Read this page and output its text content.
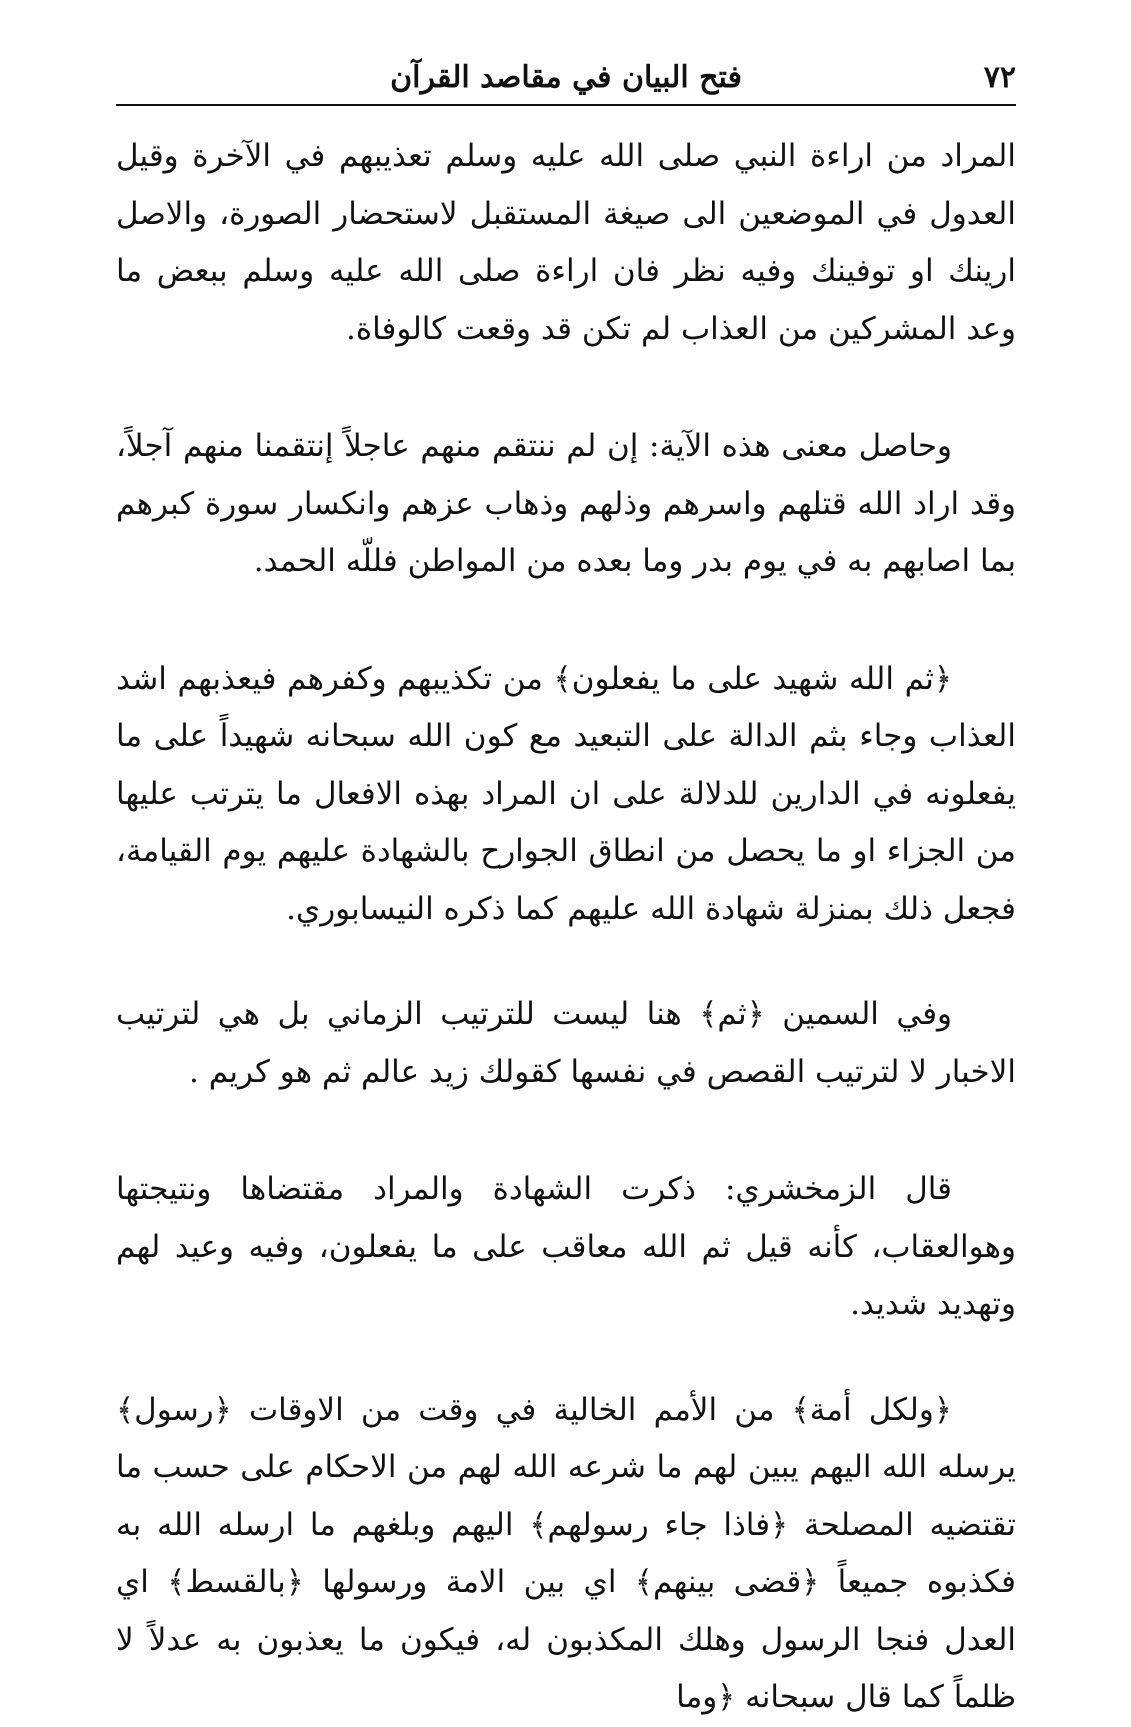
٧٢
فتح البيان في مقاصد القرآن

المراد من اراءة النبي صلى الله عليه وسلم تعذيبهم في الآخرة وقيل العدول في الموضعين الى صيغة المستقبل لاستحضار الصورة، والاصل ارينك او توفينك وفيه نظر فان اراءة صلى الله عليه وسلم ببعض ما وعد المشركين من العذاب لم تكن قد وقعت كالوفاة.

وحاصل معنى هذه الآية: إن لم ننتقم منهم عاجلاً إنتقمنا منهم آجلاً، وقد اراد الله قتلهم واسرهم وذلهم وذهاب عزهم وانكسار سورة كبرهم بما اصابهم به في يوم بدر وما بعده من المواطن فللّه الحمد.

﴿ثم الله شهيد على ما يفعلون﴾ من تكذيبهم وكفرهم فيعذبهم اشد العذاب وجاء بثم الدالة على التبعيد مع كون الله سبحانه شهيداً على ما يفعلونه في الدارين للدلالة على ان المراد بهذه الافعال ما يترتب عليها من الجزاء او ما يحصل من انطاق الجوارح بالشهادة عليهم يوم القيامة، فجعل ذلك بمنزلة شهادة الله عليهم كما ذكره النيسابوري.

وفي السمين ﴿ثم﴾ هنا ليست للترتيب الزماني بل هي لترتيب الاخبار لا لترتيب القصص في نفسها كقولك زيد عالم ثم هو كريم .

قال الزمخشري: ذكرت الشهادة والمراد مقتضاها ونتيجتها وهوالعقاب، كأنه قيل ثم الله معاقب على ما يفعلون، وفيه وعيد لهم وتهديد شديد.

﴿ولكل أمة﴾ من الأمم الخالية في وقت من الاوقات ﴿رسول﴾ يرسله الله اليهم يبين لهم ما شرعه الله لهم من الاحكام على حسب ما تقتضيه المصلحة ﴿فاذا جاء رسولهم﴾ اليهم وبلغهم ما ارسله الله به فكذبوه جميعاً ﴿قضى بينهم﴾ اي بين الامة ورسولها ﴿بالقسط﴾ اي العدل فنجا الرسول وهلك المكذبون له، فيكون ما يعذبون به عدلاً لا ظلماً كما قال سبحانه ﴿وما
